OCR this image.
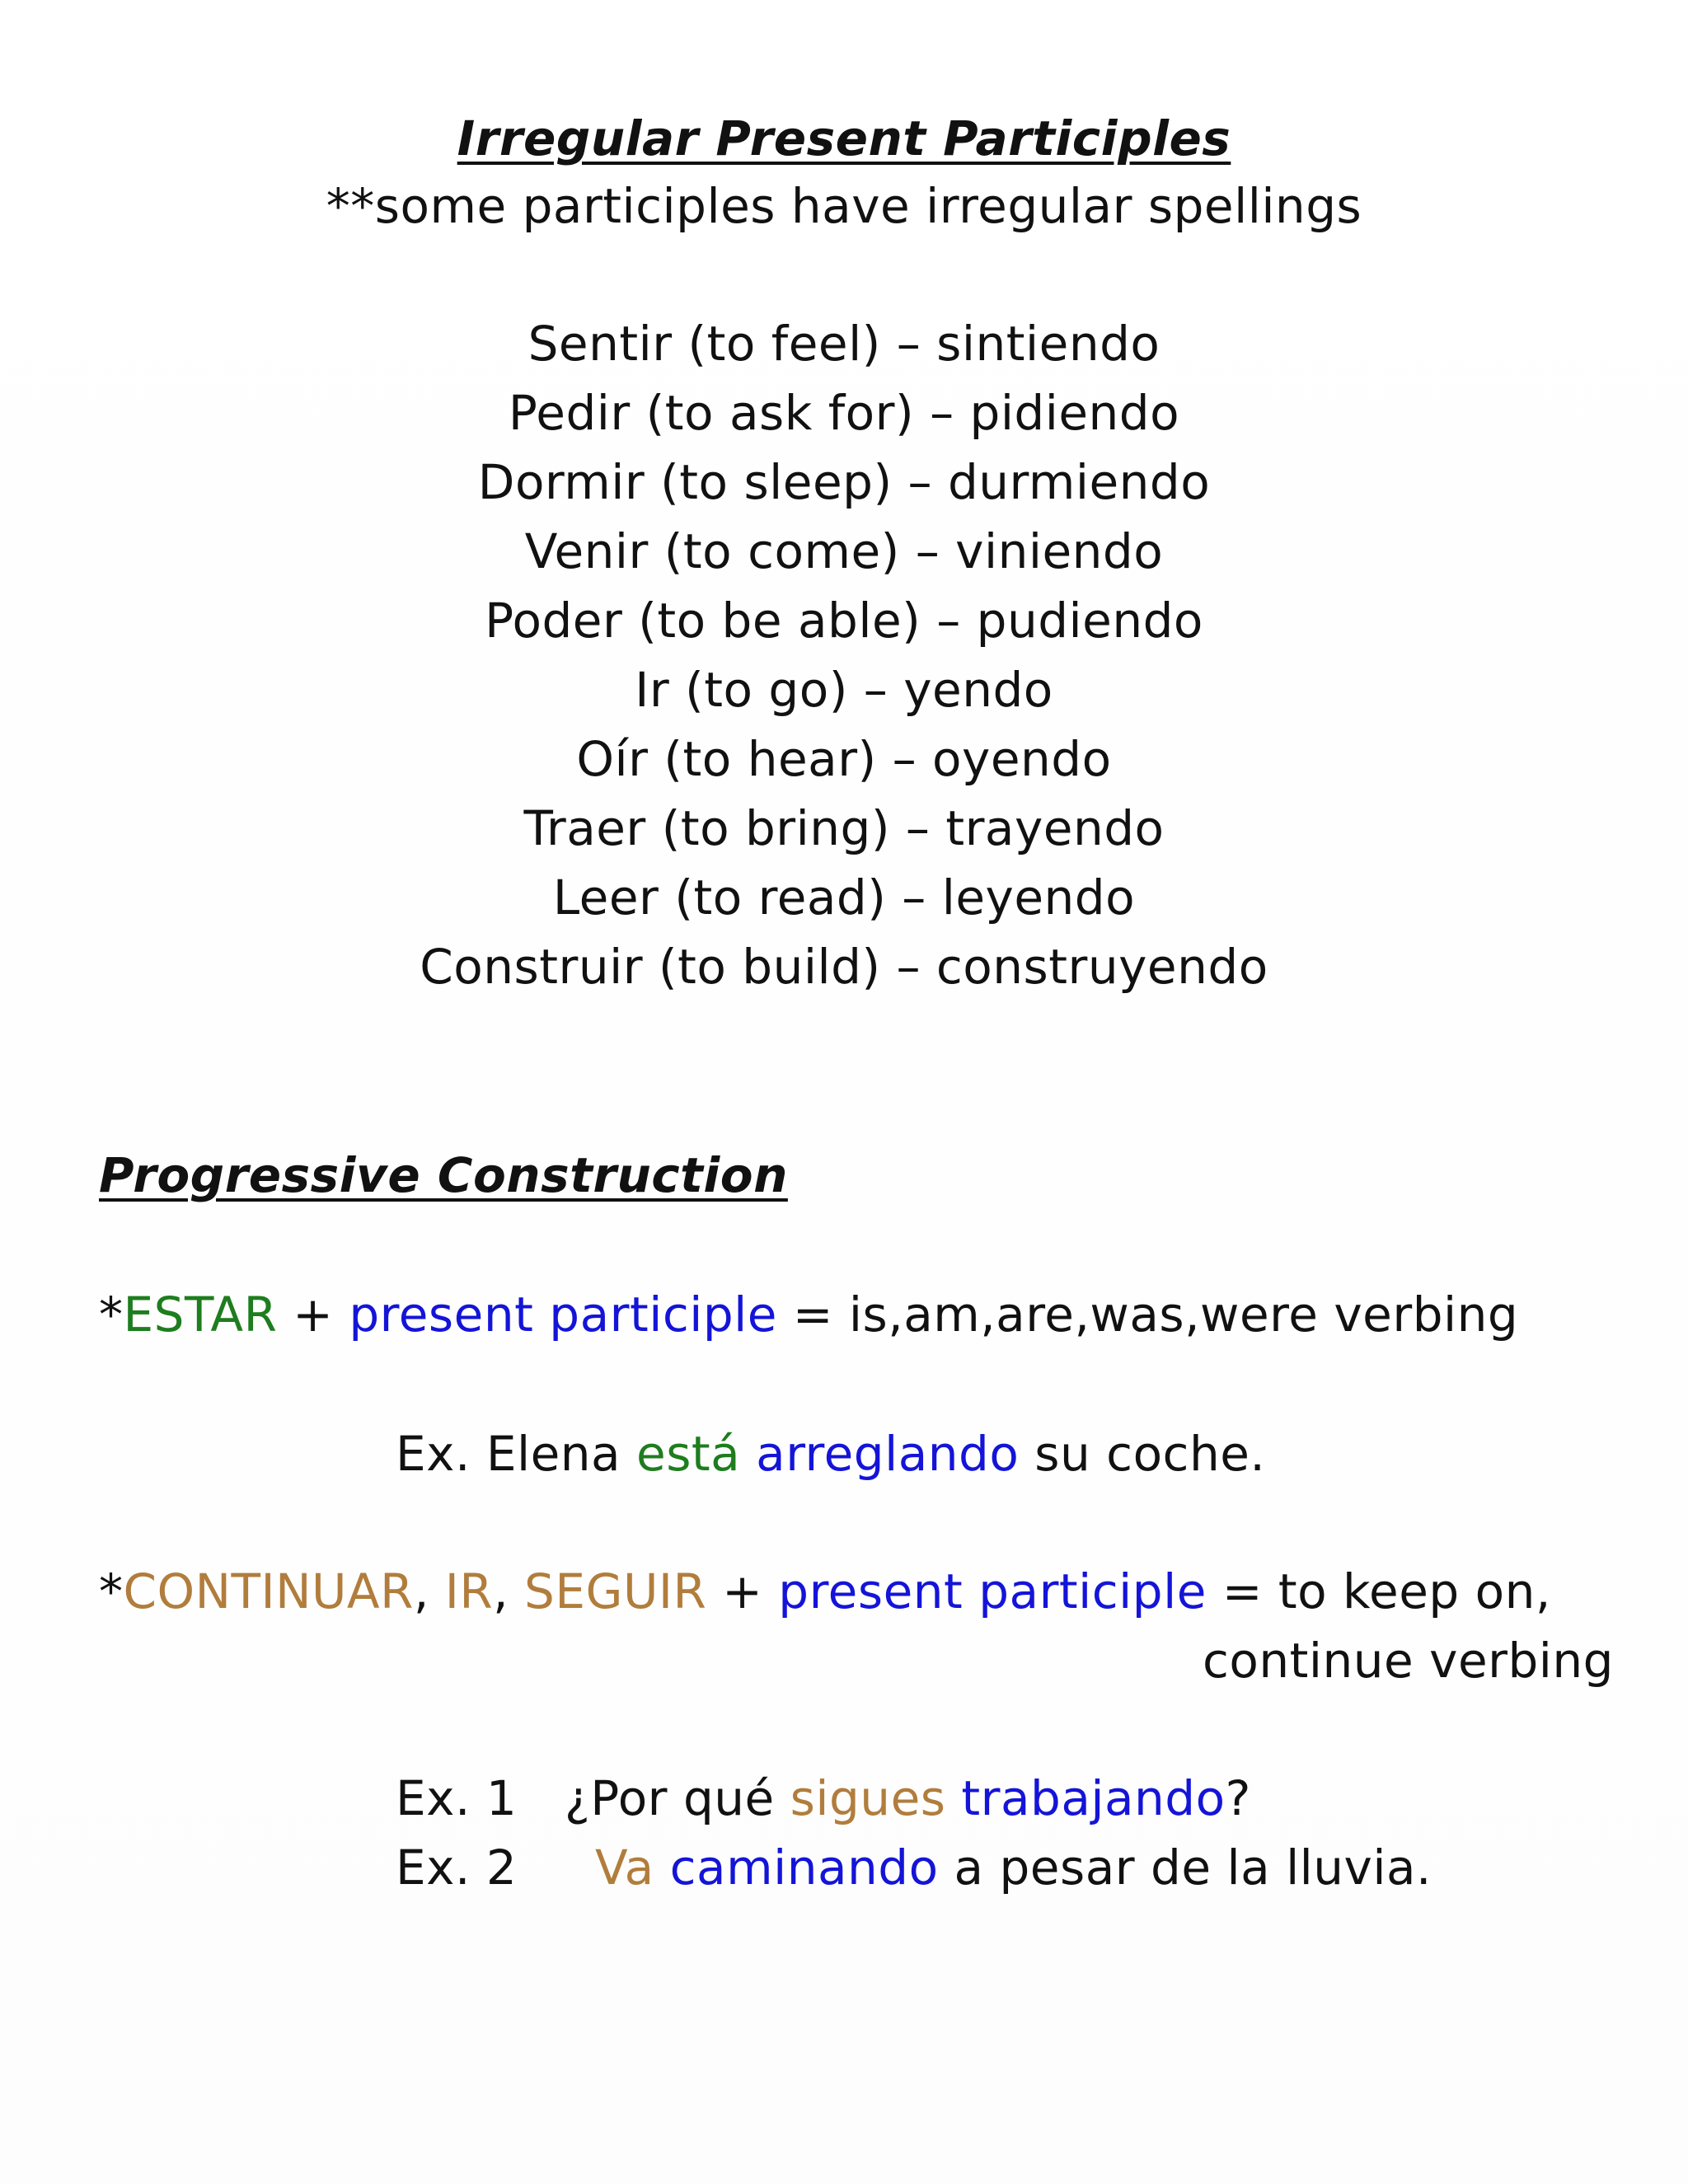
Irregular Present Participles
**some participles have irregular spellings
Sentir (to feel) – sintiendo
Pedir (to ask for) – pidiendo
Dormir (to sleep) – durmiendo
Venir (to come) – viniendo
Poder (to be able) – pudiendo
Ir (to go) – yendo
Oír (to hear) – oyendo
Traer (to bring) – trayendo
Leer (to read) – leyendo
Construir (to build) – construyendo
Progressive Construction
*ESTAR + present participle = is,am,are,was,were verbing
Ex. Elena está arreglando su coche.
*CONTINUAR, IR, SEGUIR + present participle = to keep on,
continue verbing
Ex. 1 ¿Por qué sigues trabajando?
Ex. 2 Va caminando a pesar de la lluvia.
